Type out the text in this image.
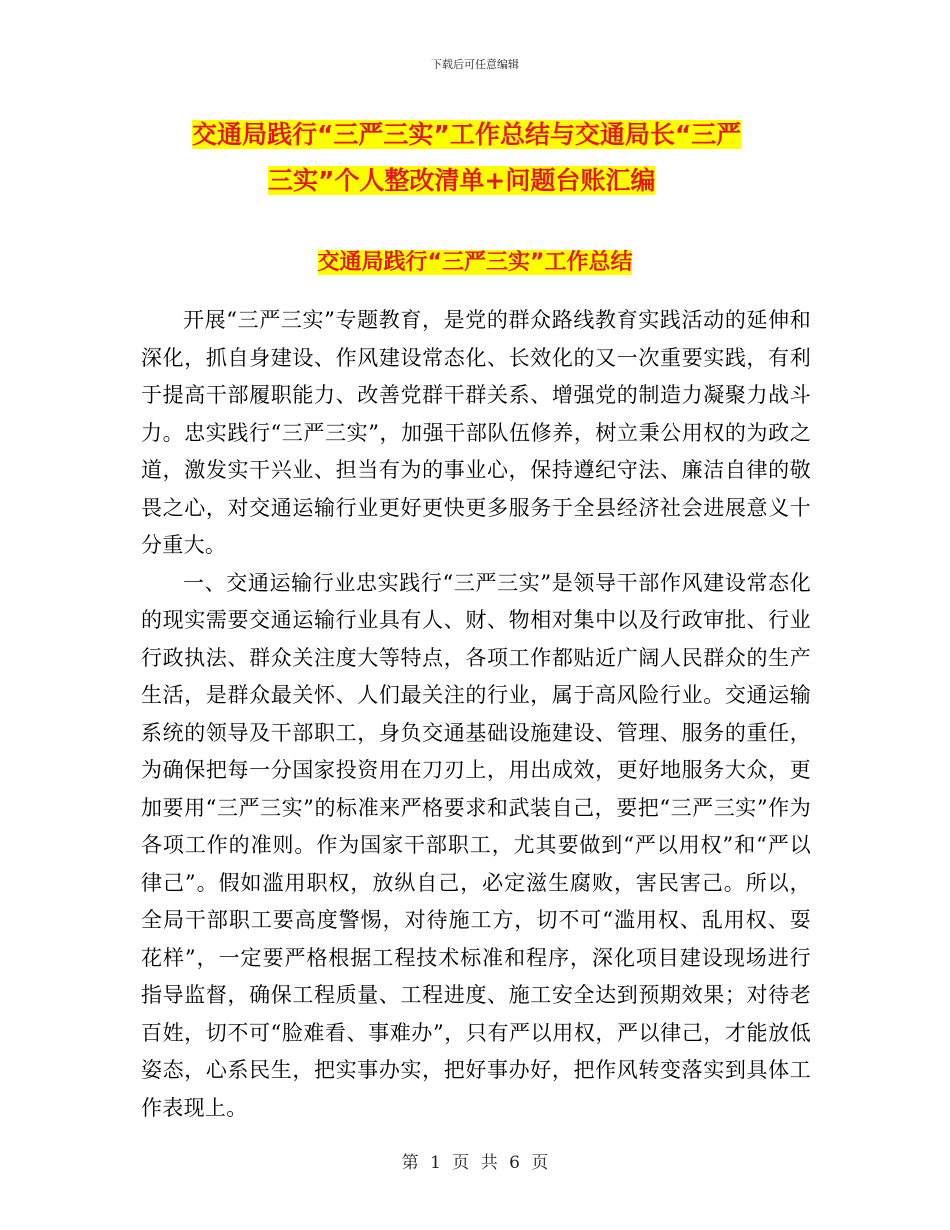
下载后可任意编辑
交通局践行“三严三实”工作总结与交通局长“三严
三实”个人整改清单+问题台账汇编
交通局践行“三严三实”工作总结

开展“三严三实”专题教育，是党的群众路线教育实践活动的延伸和深化，抓自身建设、作风建设常态化、长效化的又一次重要实践，有利于提高干部履职能力、改善党群干群关系、增强党的制造力凝聚力战斗力。忠实践行“三严三实”，加强干部队伍修养，树立秉公用权的为政之道，激发实干兴业、担当有为的事业心，保持遵纪守法、廉洁自律的敬畏之心，对交通运输行业更好更快更多服务于全县经济社会进展意义十分重大。

一、交通运输行业忠实践行“三严三实”是领导干部作风建设常态化的现实需要交通运输行业具有人、财、物相对集中以及行政审批、行业行政执法、群众关注度大等特点，各项工作都贴近广阔人民群众的生产生活，是群众最关怀、人们最关注的行业，属于高风险行业。交通运输系统的领导及干部职工，身负交通基础设施建设、管理、服务的重任，为确保把每一分国家投资用在刀刃上，用出成效，更好地服务大众，更加要用“三严三实”的标准来严格要求和武装自己，要把“三严三实”作为各项工作的准则。作为国家干部职工，尤其要做到“严以用权”和“严以律己”。假如滥用职权，放纵自己，必定滋生腐败，害民害己。所以，全局干部职工要高度警惕，对待施工方，切不可“滥用权、乱用权、耍花样”，一定要严格根据工程技术标准和程序，深化项目建设现场进行指导监督，确保工程质量、工程进度、施工安全达到预期效果；对待老百姓，切不可“脸难看、事难办”，只有严以用权，严以律己，才能放低姿态，心系民生，把实事办实，把好事办好，把作风转变落实到具体工作表现上。

第 1 页 共 6 页
